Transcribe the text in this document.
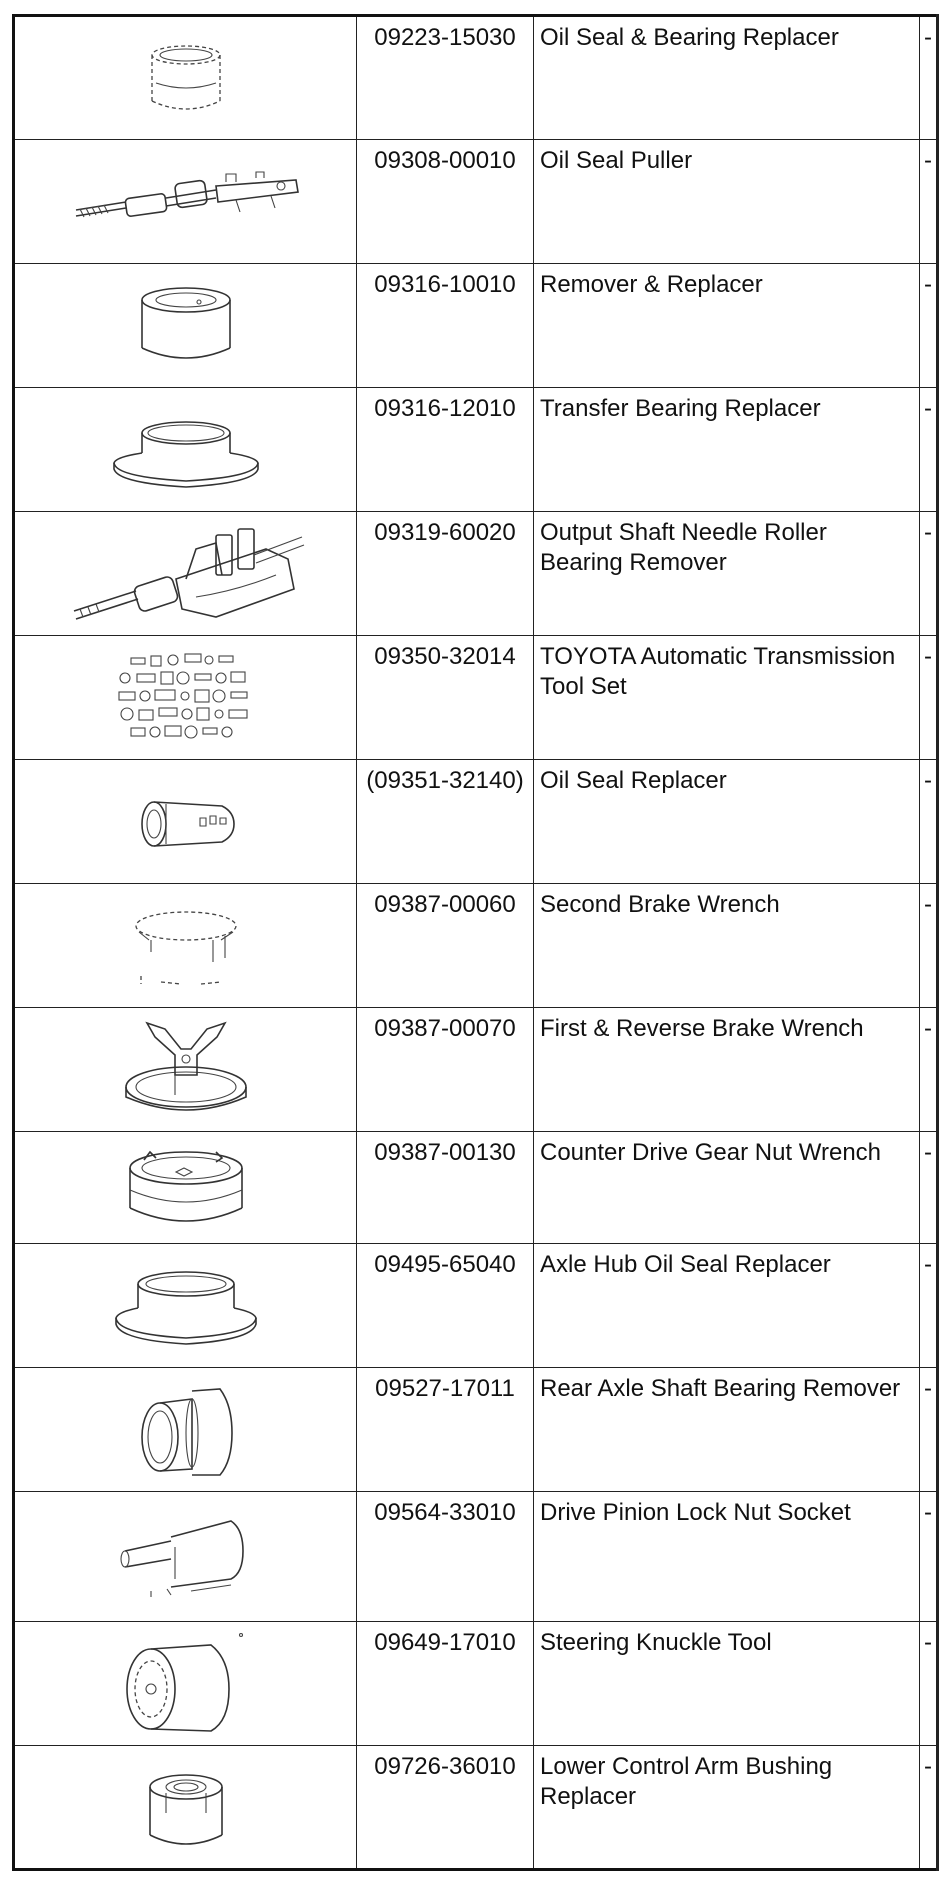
	09223-15030	Oil Seal & Bearing Replacer	-

	09308-00010	Oil Seal Puller	-

	09316-10010	Remover & Replacer	-

	09316-12010	Transfer Bearing Replacer	-

	09319-60020	Output Shaft Needle Roller Bearing Remover	-

	09350-32014	TOYOTA Automatic Transmission Tool Set	-

	(09351-32140)	Oil Seal Replacer	-

	09387-00060	Second Brake Wrench	-

	09387-00070	First & Reverse Brake Wrench	-

	09387-00130	Counter Drive Gear Nut Wrench	-

	09495-65040	Axle Hub Oil Seal Replacer	-

	09527-17011	Rear Axle Shaft Bearing Remover	-

	09564-33010	Drive Pinion Lock Nut Socket	-

	09649-17010	Steering Knuckle Tool	-

	09726-36010	Lower Control Arm Bushing Replacer	-
